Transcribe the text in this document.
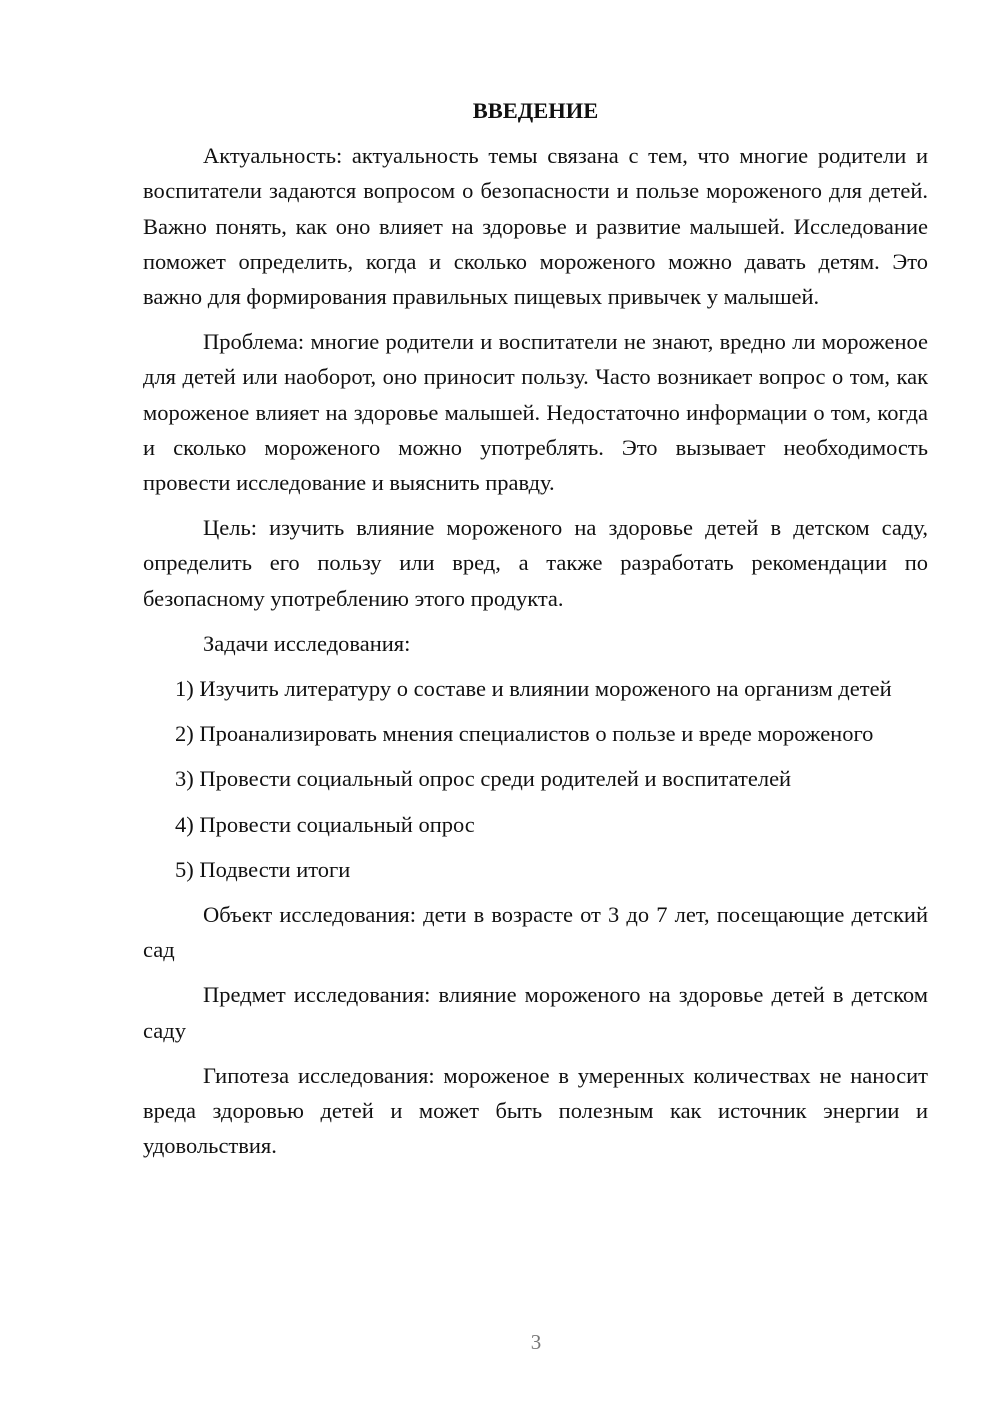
ВВЕДЕНИЕ

Актуальность: актуальность темы связана с тем, что многие родители и воспитатели задаются вопросом о безопасности и пользе мороженого для детей. Важно понять, как оно влияет на здоровье и развитие малышей. Исследование поможет определить, когда и сколько мороженого можно давать детям. Это важно для формирования правильных пищевых привычек у малышей.

Проблема: многие родители и воспитатели не знают, вредно ли мороженое для детей или наоборот, оно приносит пользу. Часто возникает вопрос о том, как мороженое влияет на здоровье малышей. Недостаточно информации о том, когда и сколько мороженого можно употреблять. Это вызывает необходимость провести исследование и выяснить правду.

Цель: изучить влияние мороженого на здоровье детей в детском саду, определить его пользу или вред, а также разработать рекомендации по безопасному употреблению этого продукта.

Задачи исследования:

1) Изучить литературу о составе и влиянии мороженого на организм детей

2) Проанализировать мнения специалистов о пользе и вреде мороженого

3) Провести социальный опрос среди родителей и воспитателей

4) Провести социальный опрос

5) Подвести итоги

Объект исследования: дети в возрасте от 3 до 7 лет, посещающие детский сад

Предмет исследования: влияние мороженого на здоровье детей в детском саду

Гипотеза исследования: мороженое в умеренных количествах не наносит вреда здоровью детей и может быть полезным как источник энергии и удовольствия.

3
